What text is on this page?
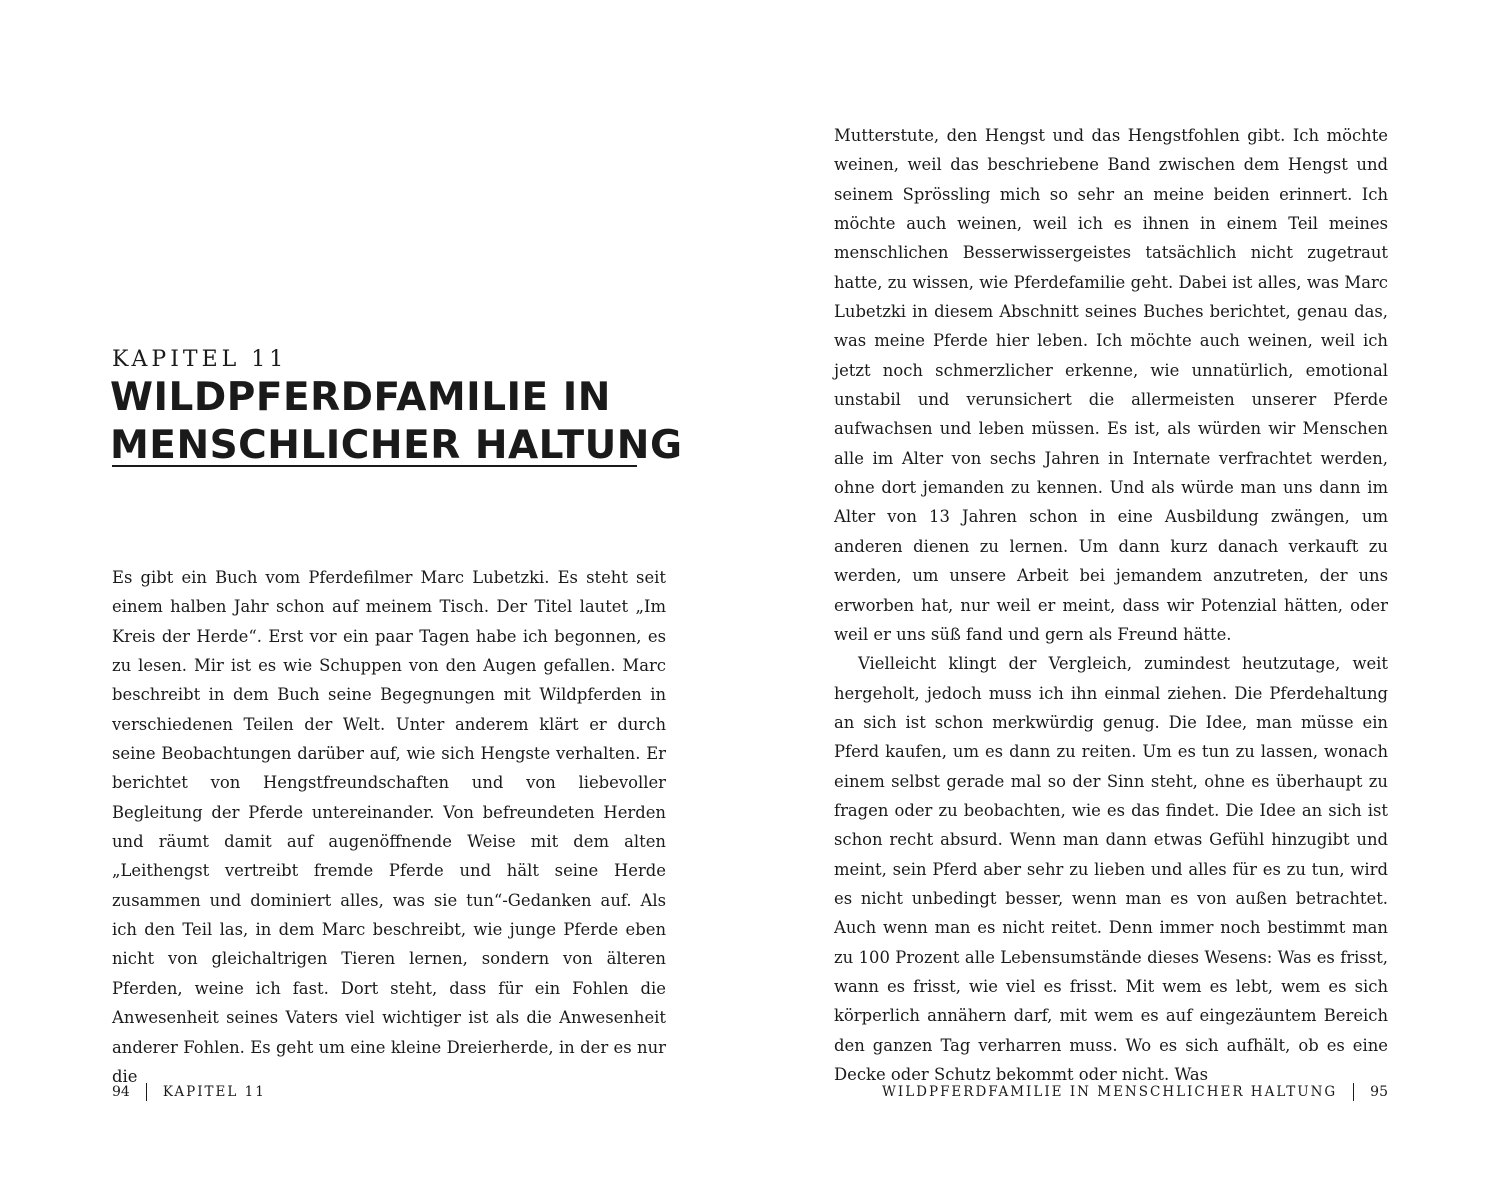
KAPITEL 11
WILDPFERDFAMILIE IN
MENSCHLICHER HALTUNG

Es gibt ein Buch vom Pferdefilmer Marc Lubetzki. Es steht seit einem halben Jahr schon auf meinem Tisch. Der Titel lautet „Im Kreis der Herde“. Erst vor ein paar Tagen habe ich begonnen, es zu lesen. Mir ist es wie Schuppen von den Augen gefallen. Marc beschreibt in dem Buch seine Begegnungen mit Wildpferden in verschiedenen Teilen der Welt. Unter anderem klärt er durch seine Beobachtungen darüber auf, wie sich Hengste verhalten. Er berichtet von Hengstfreundschaften und von liebevoller Begleitung der Pferde untereinander. Von befreundeten Herden und räumt damit auf augenöffnende Weise mit dem alten „Leithengst vertreibt fremde Pferde und hält seine Herde zusammen und dominiert alles, was sie tun“-Gedanken auf. Als ich den Teil las, in dem Marc beschreibt, wie junge Pferde eben nicht von gleichaltrigen Tieren lernen, sondern von älteren Pferden, weine ich fast. Dort steht, dass für ein Fohlen die Anwesenheit seines Vaters viel wichtiger ist als die Anwesenheit anderer Fohlen. Es geht um eine kleine Dreierherde, in der es nur die

94 KAPITEL 11

Mutterstute, den Hengst und das Hengstfohlen gibt. Ich möchte weinen, weil das beschriebene Band zwischen dem Hengst und seinem Sprössling mich so sehr an meine beiden erinnert. Ich möchte auch weinen, weil ich es ihnen in einem Teil meines menschlichen Besserwissergeistes tatsächlich nicht zugetraut hatte, zu wissen, wie Pferdefamilie geht. Dabei ist alles, was Marc Lubetzki in diesem Abschnitt seines Buches berichtet, genau das, was meine Pferde hier leben. Ich möchte auch weinen, weil ich jetzt noch schmerzlicher erkenne, wie unnatürlich, emotional unstabil und verunsichert die allermeisten unserer Pferde aufwachsen und leben müssen. Es ist, als würden wir Menschen alle im Alter von sechs Jahren in Internate verfrachtet werden, ohne dort jemanden zu kennen. Und als würde man uns dann im Alter von 13 Jahren schon in eine Ausbildung zwängen, um anderen dienen zu lernen. Um dann kurz danach verkauft zu werden, um unsere Arbeit bei jemandem anzutreten, der uns erworben hat, nur weil er meint, dass wir Potenzial hätten, oder weil er uns süß fand und gern als Freund hätte.

Vielleicht klingt der Vergleich, zumindest heutzutage, weit hergeholt, jedoch muss ich ihn einmal ziehen. Die Pferdehaltung an sich ist schon merkwürdig genug. Die Idee, man müsse ein Pferd kaufen, um es dann zu reiten. Um es tun zu lassen, wonach einem selbst gerade mal so der Sinn steht, ohne es überhaupt zu fragen oder zu beobachten, wie es das findet. Die Idee an sich ist schon recht absurd. Wenn man dann etwas Gefühl hinzugibt und meint, sein Pferd aber sehr zu lieben und alles für es zu tun, wird es nicht unbedingt besser, wenn man es von außen betrachtet. Auch wenn man es nicht reitet. Denn immer noch bestimmt man zu 100 Prozent alle Lebensumstände dieses Wesens: Was es frisst, wann es frisst, wie viel es frisst. Mit wem es lebt, wem es sich körperlich annähern darf, mit wem es auf eingezäuntem Bereich den ganzen Tag verharren muss. Wo es sich aufhält, ob es eine Decke oder Schutz bekommt oder nicht. Was

WILDPFERDFAMILIE IN MENSCHLICHER HALTUNG 95
